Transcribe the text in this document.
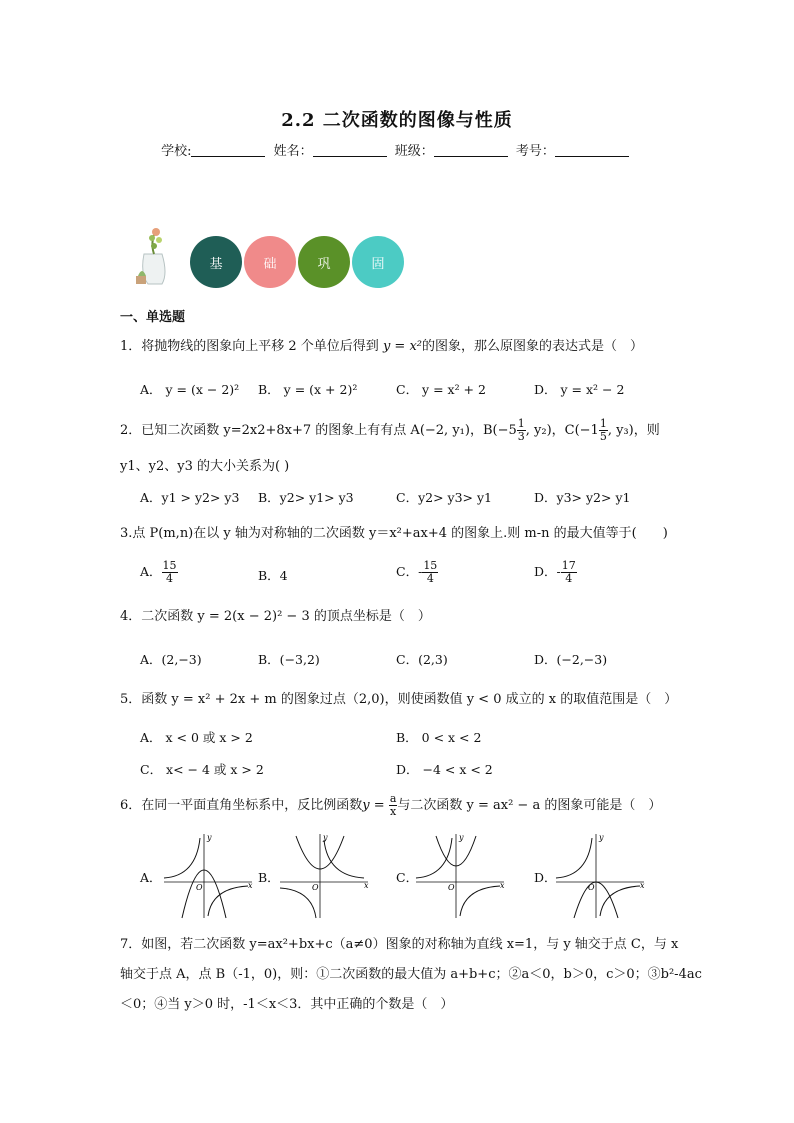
2.2 二次函数的图像与性质
学校:	姓名：	班级：	考号：
基	础	巩	固
一、单选题
1．将抛物线的图象向上平移 2 个单位后得到 y = x²的图象，那么原图象的表达式是（　）
A． y = (x − 2)² B． y = (x + 2)²	C． y = x² + 2	D． y = x² − 2
2．已知二次函数 y=2x2+8x+7 的图象上有有点 A(−2, y₁)，$B(-5 \frac{1}{3}$ , y₂)，$C(-1 \frac{1}{5}$ , y₃)，则
y1、y2、y3 的大小关系为( )
A．y1 > y2> y3 B．y2> y1> y3	C．y2> y3> y1	D．y3> y2> y1
3.点 P(m,n)在以 y 轴为对称轴的二次函数 y＝x²+ax+4 的图象上.则 m-n 的最大值等于(　　)
A． $\frac{15}{4}$	B．4	C．- $\frac{15}{4}$	D．- $\frac{17}{4}$
4．二次函数 y = 2(x − 2)² − 3 的顶点坐标是（　）
A．(2,−3)	B．(−3,2)	C．(2,3)	D．(−2,−3)
5．函数 y = x² + 2x + m 的图象过点（2,0)，则使函数值 y < 0 成立的 x 的取值范围是（　）
A． x < 0 或 x > 2	B． 0 < x < 2
C． x< − 4 或 x > 2	D． −4 < x < 2
6．在同一平面直角坐标系中，反比例函数$y = \frac{a}{x}$ 与二次函数 y = ax² − a 的图象可能是（　）
A．
x
y
O
B．
x
y
O
C．
x
y
O
D．
x
y
O
7．如图，若二次函数 y=ax²+bx+c（a≠0）图象的对称轴为直线 x=1，与 y 轴交于点 C，与 x
轴交于点 A，点 B（-1，0)，则：①二次函数的最大值为 a+b+c；②a＜0，b＞0，c＞0；③b²-4ac
＜0；④当 y＞0 时，-1＜x＜3．其中正确的个数是（　）
